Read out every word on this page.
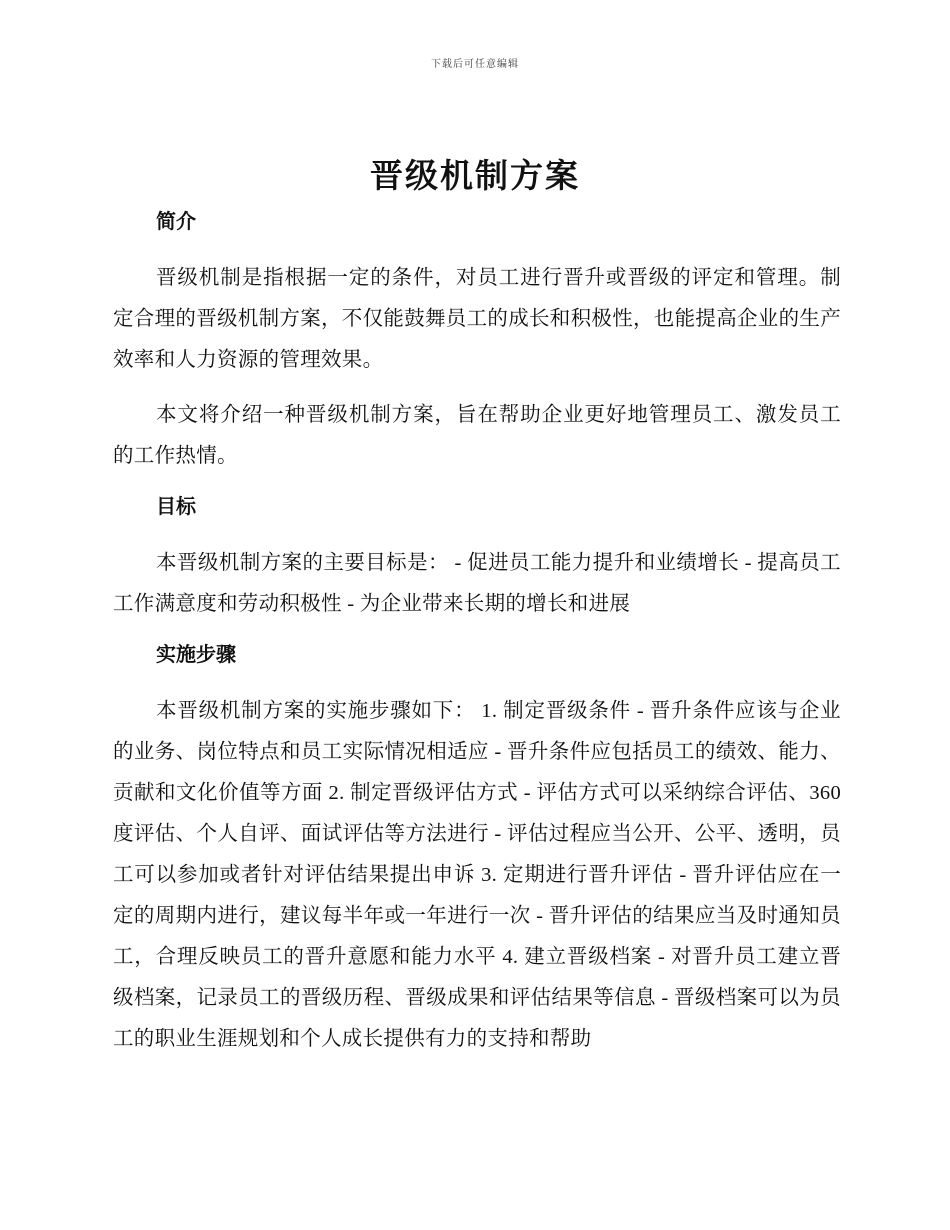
下载后可任意编辑
晋级机制方案
简介

晋级机制是指根据一定的条件，对员工进行晋升或晋级的评定和管理。制定合理的晋级机制方案，不仅能鼓舞员工的成长和积极性，也能提高企业的生产效率和人力资源的管理效果。

本文将介绍一种晋级机制方案，旨在帮助企业更好地管理员工、激发员工的工作热情。

目标

本晋级机制方案的主要目标是： - 促进员工能力提升和业绩增长 - 提高员工工作满意度和劳动积极性 - 为企业带来长期的增长和进展

实施步骤

本晋级机制方案的实施步骤如下： 1. 制定晋级条件 - 晋升条件应该与企业的业务、岗位特点和员工实际情况相适应 - 晋升条件应包括员工的绩效、能力、贡献和文化价值等方面 2. 制定晋级评估方式 - 评估方式可以采纳综合评估、360度评估、个人自评、面试评估等方法进行 - 评估过程应当公开、公平、透明，员工可以参加或者针对评估结果提出申诉 3. 定期进行晋升评估 - 晋升评估应在一定的周期内进行，建议每半年或一年进行一次 - 晋升评估的结果应当及时通知员工，合理反映员工的晋升意愿和能力水平 4. 建立晋级档案 - 对晋升员工建立晋级档案，记录员工的晋级历程、晋级成果和评估结果等信息 - 晋级档案可以为员工的职业生涯规划和个人成长提供有力的支持和帮助
